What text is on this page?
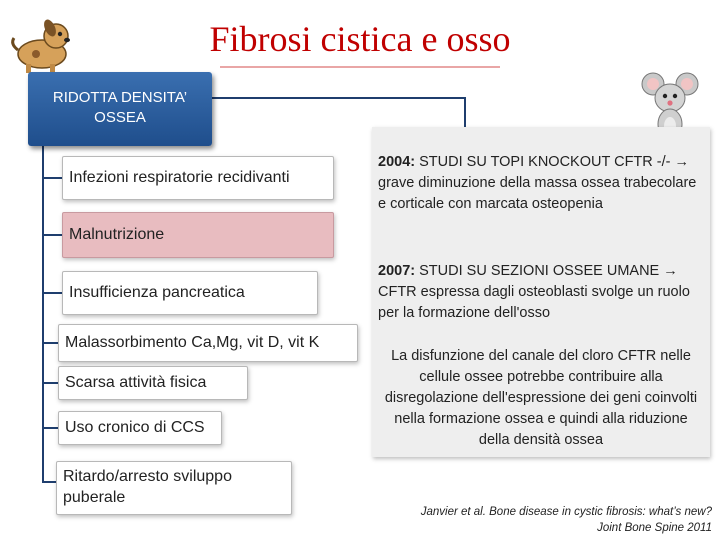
Fibrosi cistica e osso
RIDOTTA DENSITA’
OSSEA
Infezioni respiratorie recidivanti
Malnutrizione
Insufficienza pancreatica
Malassorbimento Ca,Mg, vit D, vit K
Scarsa attività fisica
Uso cronico di CCS
Ritardo/arresto sviluppo puberale
2004: STUDI SU TOPI KNOCKOUT CFTR -/- → grave diminuzione della massa ossea trabecolare e corticale con marcata osteopenia
2007: STUDI SU SEZIONI OSSEE UMANE → CFTR espressa dagli osteoblasti svolge un ruolo per la formazione dell'osso
La disfunzione del canale del cloro CFTR nelle cellule ossee potrebbe contribuire alla disregolazione dell'espressione dei geni coinvolti nella formazione ossea e quindi alla riduzione della densità ossea
Janvier et al. Bone disease in cystic fibrosis: what’s new?
Joint Bone Spine 2011
